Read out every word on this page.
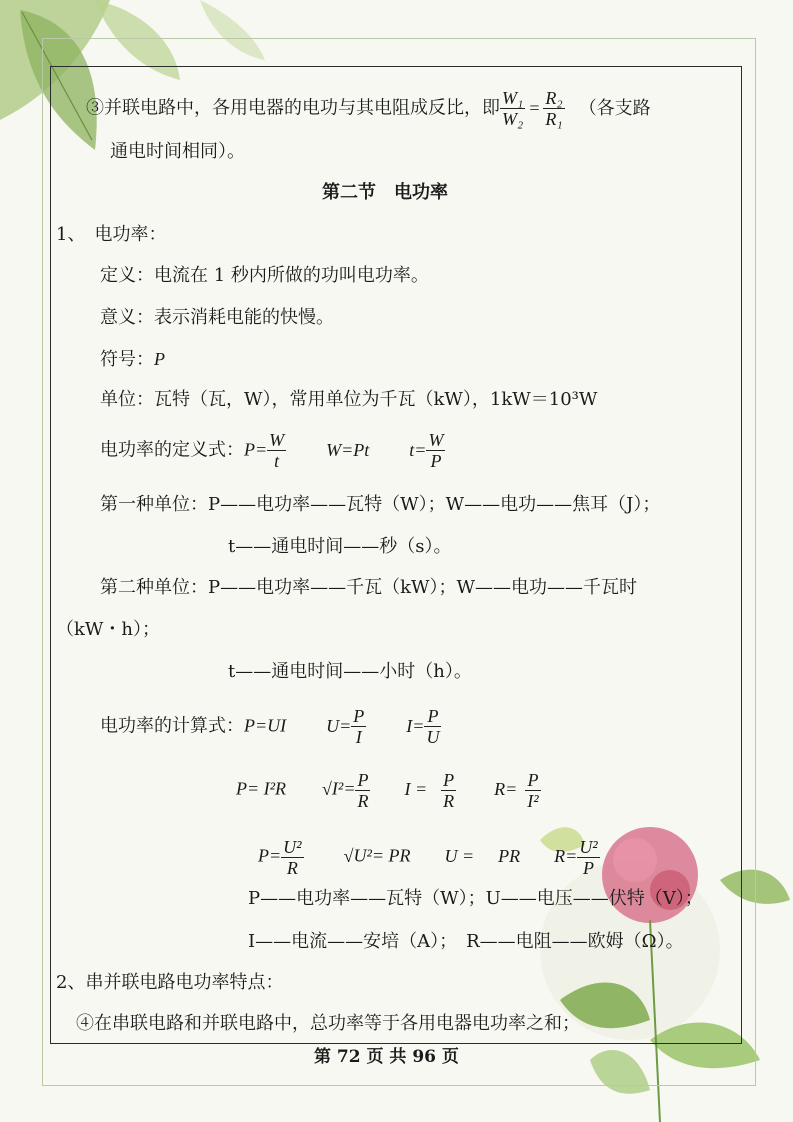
③并联电路中，各用电器的电功与其电阻成反比，即 $\frac{\text{W₁}}{\text{W₂}} = \frac{\text{R₂}}{\text{R₁}}$ （各支路
通电时间相同）。
第二节　电功率
1、　电功率：
定义：电流在 1 秒内所做的功叫电功率。
意义：表示消耗电能的快慢。
符号：P
单位：瓦特（瓦，W），常用单位为千瓦（kW），1kW＝10³W
电功率的定义式：$P= \frac{W}{t} W=Pt$ $t= \frac{W}{P}$
第一种单位：P——电功率——瓦特（W）；W——电功——焦耳（J）；
t——通电时间——秒（s）。
第二种单位：P——电功率——千瓦（kW）；W——电功——千瓦时
（kW・h）；
t——通电时间——小时（h）。
电功率的计算式：P=UI $U= \frac{P}{I} I= \frac{P}{U}$
P= I²R $√I^2= \frac{P}{R}$ $I = \frac{P}{R} R= \frac{P}{\text{I²}}$
$P= \frac{\text{U²}}{R} √U^2=$ PR U = PR $R= \frac{\text{U²}}{P}$
P——电功率——瓦特（W）；U——电压——伏特（V）；
I——电流——安培（A）；　R——电阻——欧姆（Ω）。
2、串并联电路电功率特点：
④在串联电路和并联电路中，总功率等于各用电器电功率之和；
第 72 页 共 96 页
